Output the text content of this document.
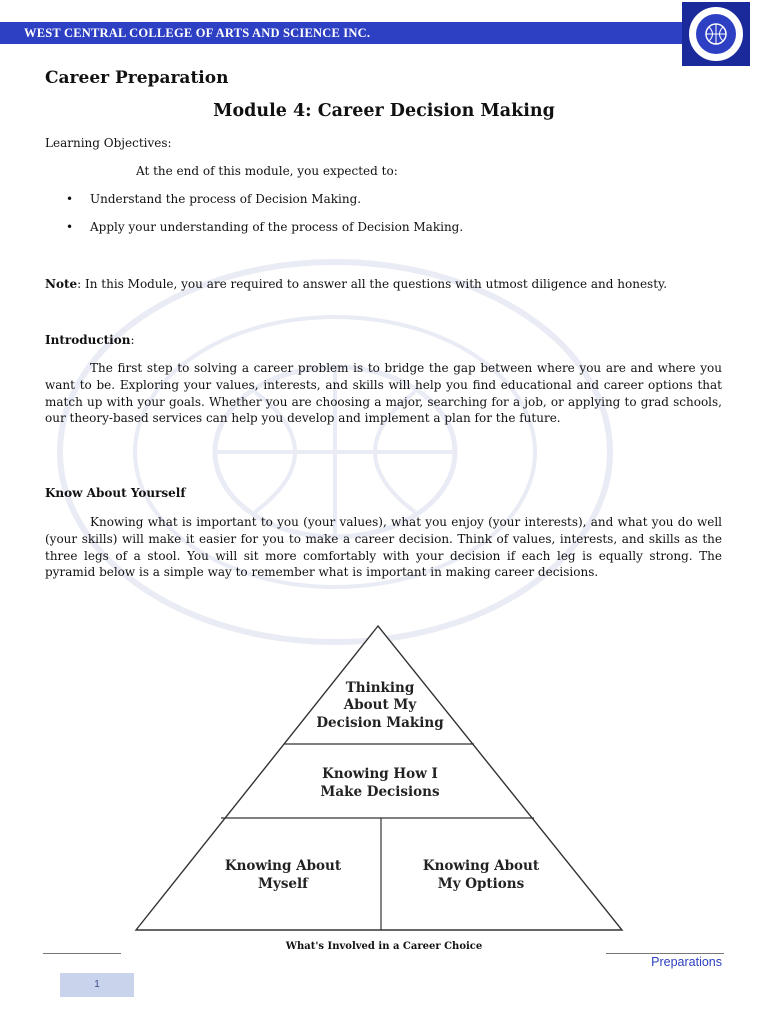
WEST CENTRAL COLLEGE OF ARTS AND SCIENCE INC.
Career Preparation
Module 4: Career Decision Making
Learning Objectives:
At the end of this module, you expected to:
• Understand the process of Decision Making.
• Apply your understanding of the process of Decision Making.
Note: In this Module, you are required to answer all the questions with utmost diligence and honesty.
Introduction:
The first step to solving a career problem is to bridge the gap between where you are and where you want to be. Exploring your values, interests, and skills will help you find educational and career options that match up with your goals. Whether you are choosing a major, searching for a job, or applying to grad schools, our theory-based services can help you develop and implement a plan for the future.
Know About Yourself
Knowing what is important to you (your values), what you enjoy (your interests), and what you do well (your skills) will make it easier for you to make a career decision. Think of values, interests, and skills as the three legs of a stool. You will sit more comfortably with your decision if each leg is equally strong. The pyramid below is a simple way to remember what is important in making career decisions.
Thinking
About My
Decision Making
Knowing How I
Make Decisions
Knowing About
Myself
Knowing About
My Options
What's Involved in a Career Choice
Preparations
1
